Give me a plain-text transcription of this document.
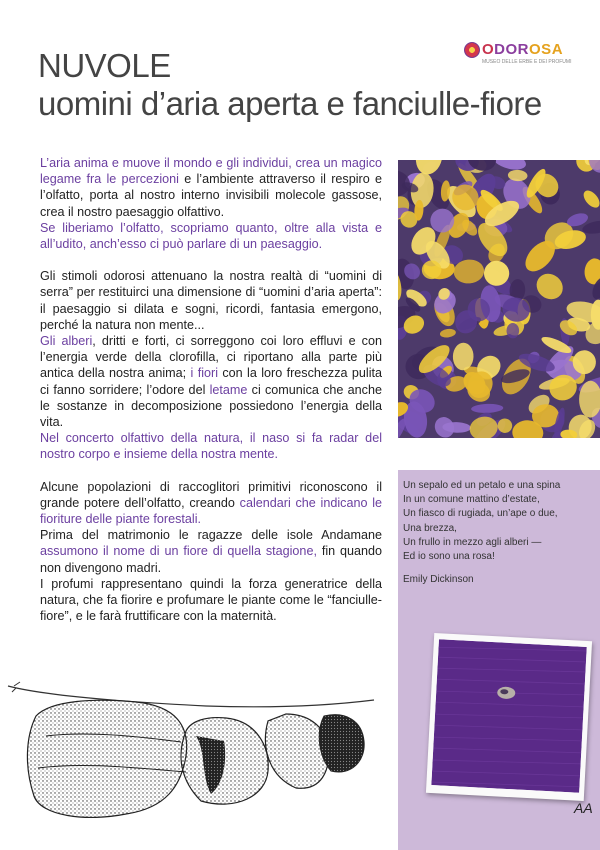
NUVOLE
uomini d’aria aperta e fanciulle-fiore
ODOROSA
MUSEO DELLE ERBE E DEI PROFUMI

L’aria anima e muove il mondo e gli individui, crea un magico legame fra le percezioni e l’ambiente attraverso il respiro e l’olfatto, porta al nostro interno invisibili molecole gassose, crea il nostro paesaggio olfattivo.
Se liberiamo l’olfatto, scopriamo quanto, oltre alla vista e all’udito, anch’esso ci può parlare di un paesaggio.

Gli stimoli odorosi attenuano la nostra realtà di “uomini di serra” per restituirci una dimensione di “uomini d’aria aperta”: il paesaggio si dilata e sogni, ricordi, fantasia emergono, perché la natura non mente...
Gli alberi, dritti e forti, ci sorreggono coi loro effluvi e con l’energia verde della clorofilla, ci riportano alla parte più antica della nostra anima; i fiori con la loro freschezza pulita ci fanno sorridere; l’odore del letame ci comunica che anche le sostanze in decomposizione possiedono l’energia della vita.
Nel concerto olfattivo della natura, il naso si fa radar del nostro corpo e insieme della nostra mente.

Alcune popolazioni di raccoglitori primitivi riconoscono il grande potere dell’olfatto, creando calendari che indicano le fioriture delle piante forestali.
Prima del matrimonio le ragazze delle isole Andamane assumono il nome di un fiore di quella stagione, fin quando non divengono madri.
I profumi rappresentano quindi la forza generatrice della natura, che fa fiorire e profumare le piante come le “fanciulle-fiore”, e le farà fruttificare con la maternità.

Un sepalo ed un petalo e una spina
In un comune mattino d’estate,
Un fiasco di rugiada, un’ape o due,
Una brezza,
Un frullo in mezzo agli alberi —
Ed io sono una rosa!
Emily Dickinson
AA
